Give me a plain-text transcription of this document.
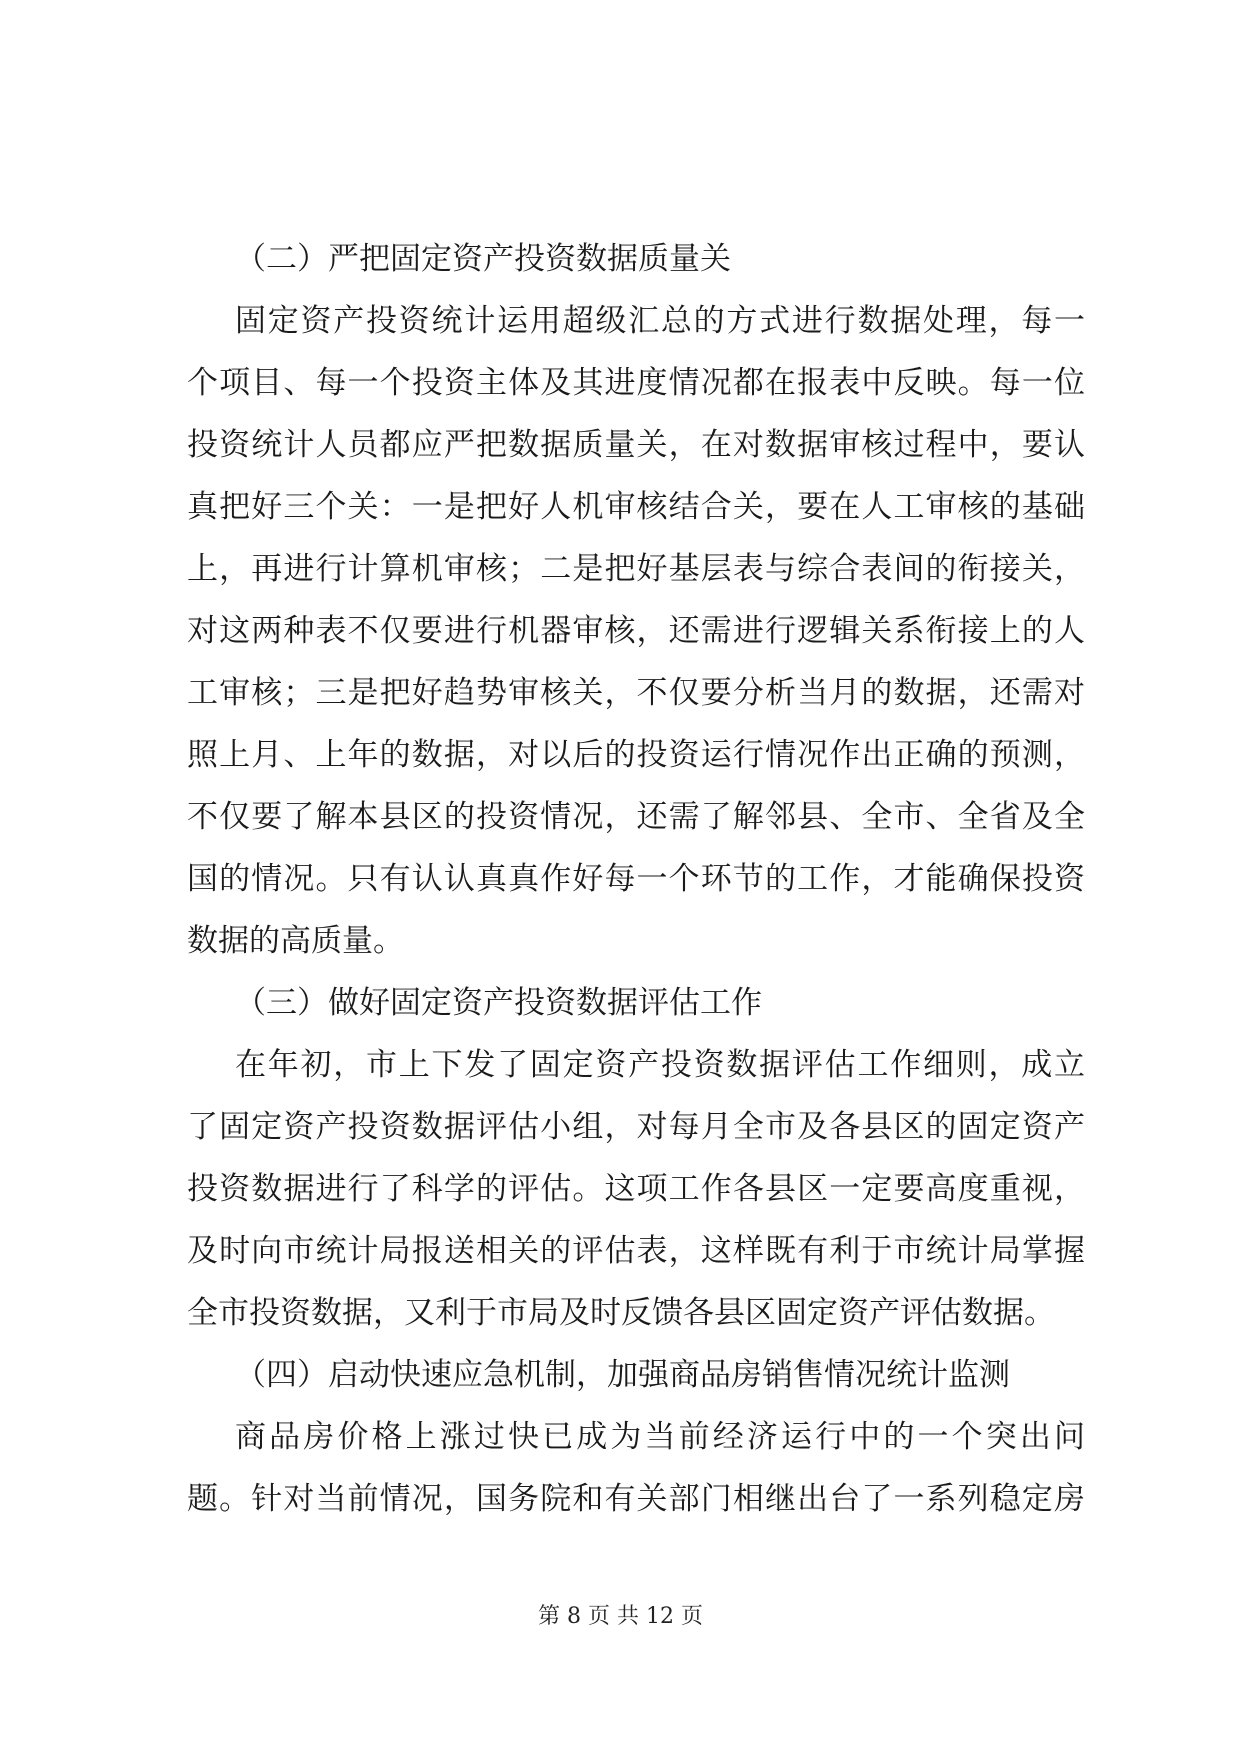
（二）严把固定资产投资数据质量关
固定资产投资统计运用超级汇总的方式进行数据处理，每一
个项目、每一个投资主体及其进度情况都在报表中反映。每一位
投资统计人员都应严把数据质量关，在对数据审核过程中，要认
真把好三个关：一是把好人机审核结合关，要在人工审核的基础
上，再进行计算机审核；二是把好基层表与综合表间的衔接关，
对这两种表不仅要进行机器审核，还需进行逻辑关系衔接上的人
工审核；三是把好趋势审核关，不仅要分析当月的数据，还需对
照上月、上年的数据，对以后的投资运行情况作出正确的预测，
不仅要了解本县区的投资情况，还需了解邻县、全市、全省及全
国的情况。只有认认真真作好每一个环节的工作，才能确保投资
数据的高质量。
（三）做好固定资产投资数据评估工作
在年初，市上下发了固定资产投资数据评估工作细则，成立
了固定资产投资数据评估小组，对每月全市及各县区的固定资产
投资数据进行了科学的评估。这项工作各县区一定要高度重视，
及时向市统计局报送相关的评估表，这样既有利于市统计局掌握
全市投资数据，又利于市局及时反馈各县区固定资产评估数据。
（四）启动快速应急机制，加强商品房销售情况统计监测
商品房价格上涨过快已成为当前经济运行中的一个突出问
题。针对当前情况，国务院和有关部门相继出台了一系列稳定房
第 8 页 共 12 页
